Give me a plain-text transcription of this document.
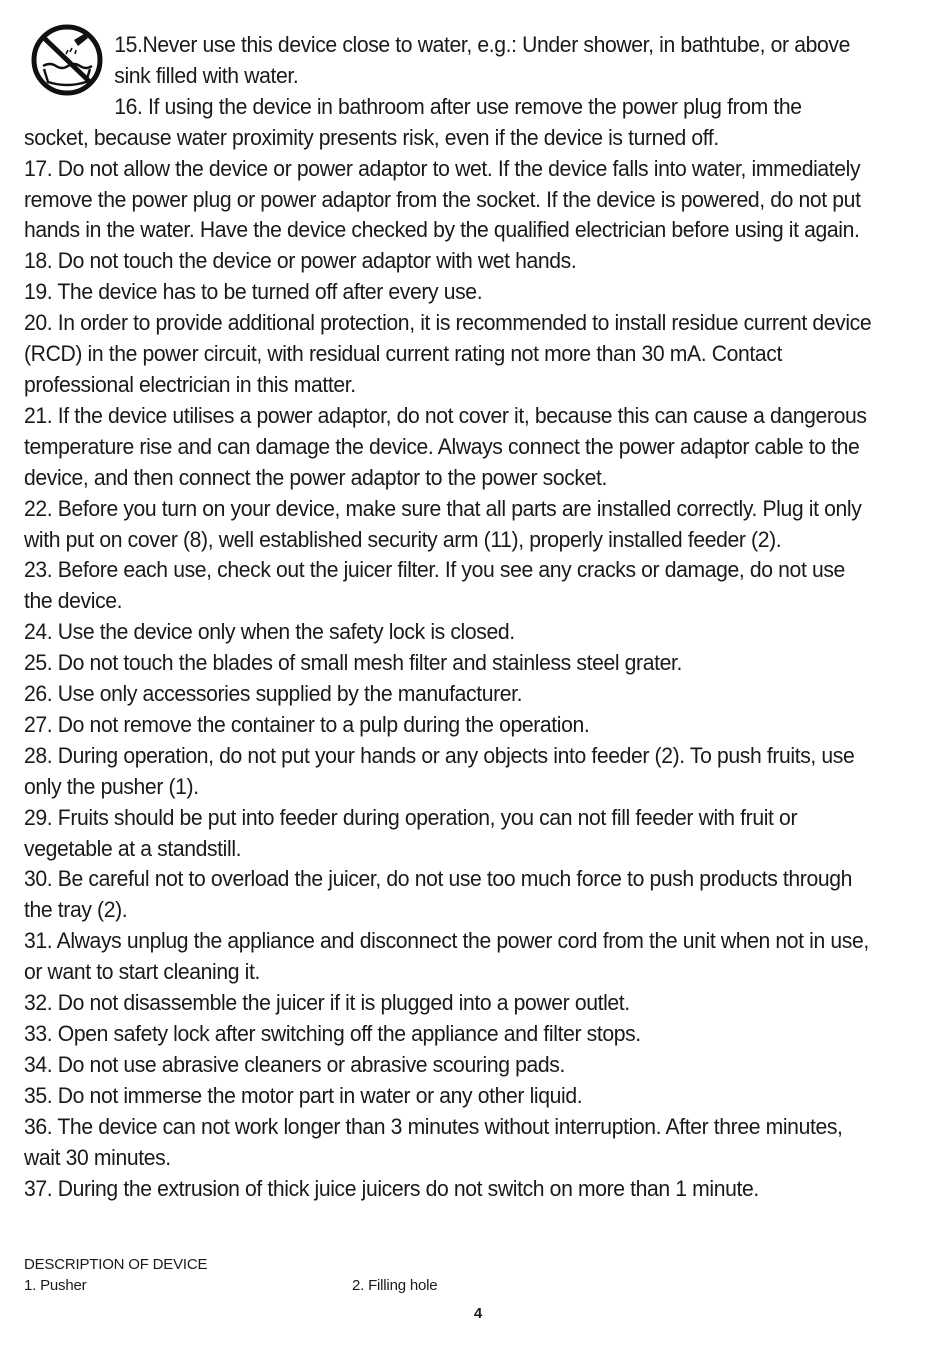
15.Never use this device close to water, e.g.: Under shower, in bathtube, or above
sink filled with water.
16. If using the device in bathroom after use remove the power plug from the
socket, because water proximity presents risk, even if the device is turned off.

17. Do not allow the device or power adaptor to wet. If the device falls into water, immediately remove the power plug or power adaptor from the socket. If the device is powered, do not put hands in the water. Have the device checked by the qualified electrician before using it again.

18. Do not touch the device or power adaptor with wet hands.

19. The device has to be turned off after every use.

20. In order to provide additional protection, it is recommended to install residue current device (RCD) in the power circuit, with residual current rating not more than 30 mA. Contact professional electrician in this matter.

21. If the device utilises a power adaptor, do not cover it, because this can cause a dangerous temperature rise and can damage the device. Always connect the power adaptor cable to the device, and then connect the power adaptor to the power socket.

22. Before you turn on your device, make sure that all parts are installed correctly. Plug it only with put on cover (8), well established security arm (11), properly installed feeder (2).

23. Before each use, check out the juicer filter. If you see any cracks or damage, do not use the device.

24. Use the device only when the safety lock is closed.

25. Do not touch the blades of small mesh filter and stainless steel grater.

26. Use only accessories supplied by the manufacturer.

27. Do not remove the container to a pulp during the operation.

28. During operation, do not put your hands or any objects into feeder (2). To push fruits, use only the pusher (1).

29. Fruits should be put into feeder during operation, you can not fill feeder with fruit or vegetable at a standstill.

30. Be careful not to overload the juicer, do not use too much force to push products through the tray (2).

31. Always unplug the appliance and disconnect the power cord from the unit when not in use, or want to start cleaning it.

32. Do not disassemble the juicer if it is plugged into a power outlet.

33. Open safety lock after switching off the appliance and filter stops.

34. Do not use abrasive cleaners or abrasive scouring pads.

35. Do not immerse the motor part in water or any other liquid.

36. The device can not work longer than 3 minutes without interruption. After three minutes, wait 30 minutes.

37. During the extrusion of thick juice juicers do not switch on more than 1 minute.

DESCRIPTION OF DEVICE
1. Pusher	2. Filling hole
4
